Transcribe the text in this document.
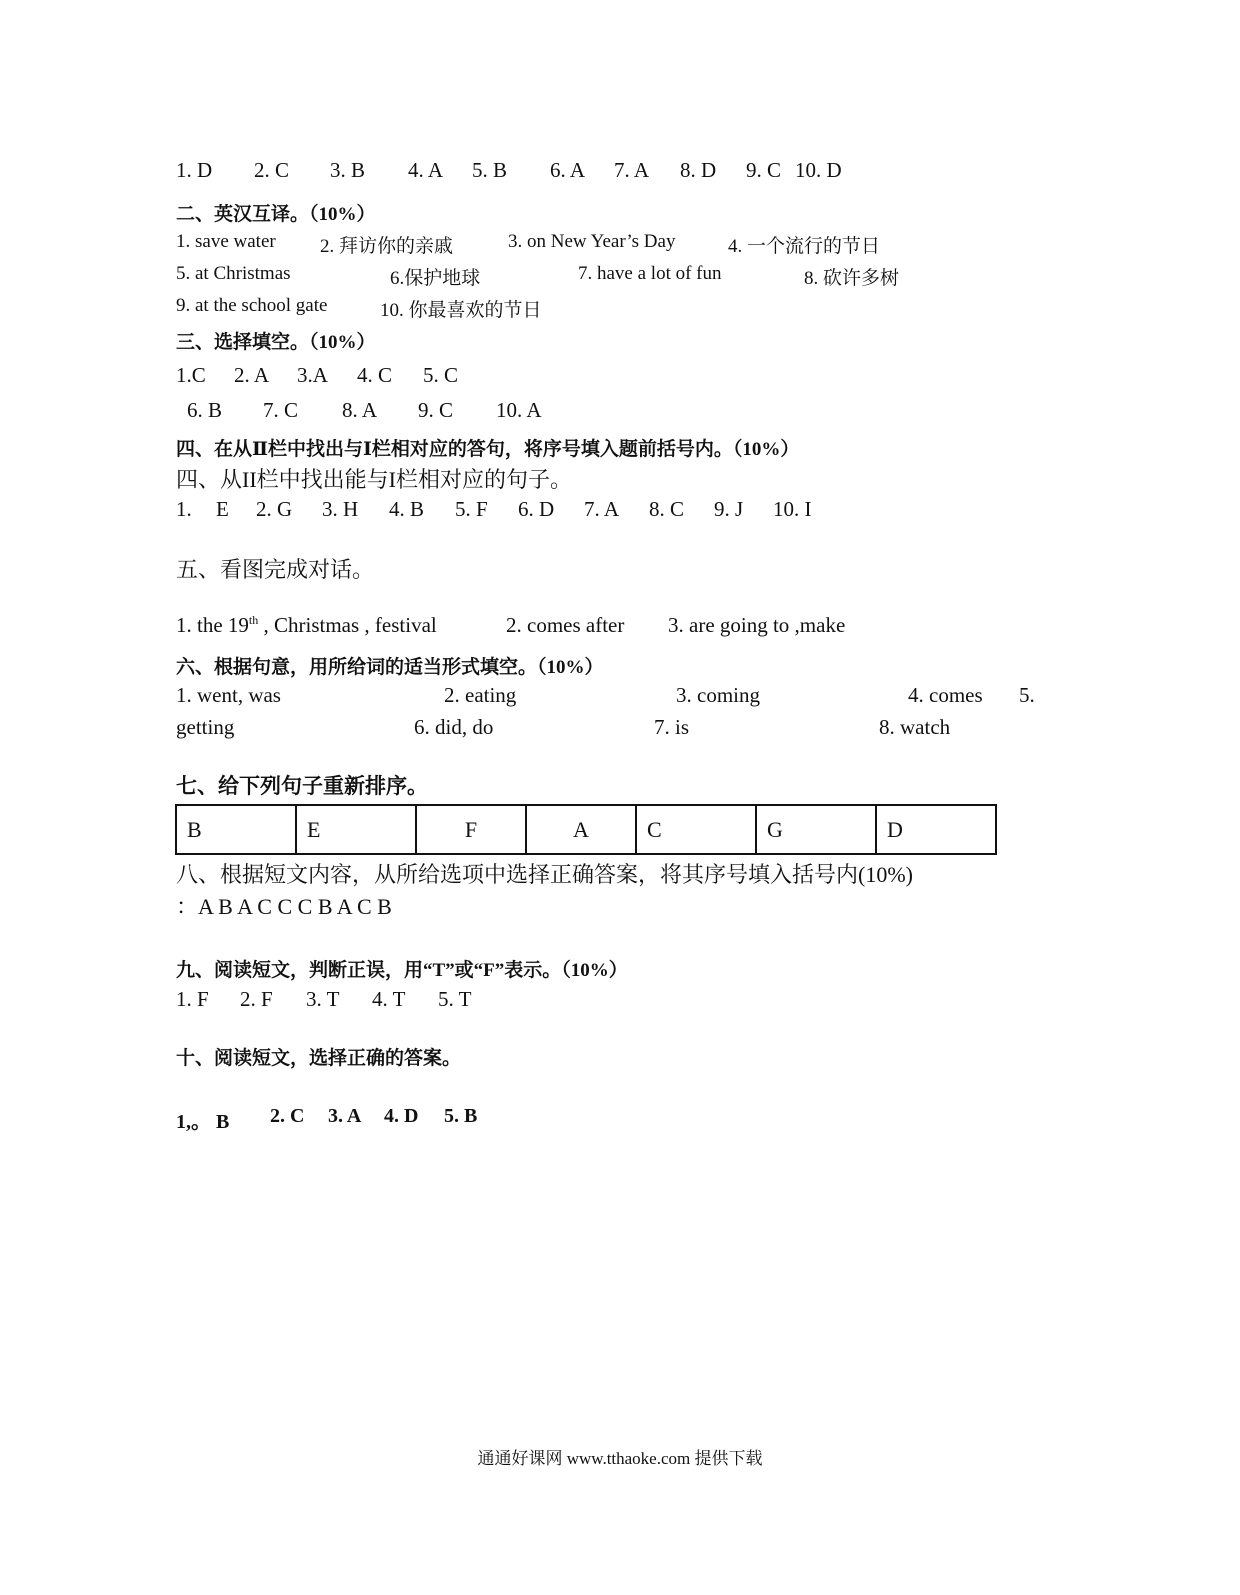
1. D 2. C 3. B 4. A 5. B 6. A 7. A 8. D 9. C 10. D
二、英汉互译。（10%）
1. save water 2. 拜访你的亲戚	3. on New Year’s Day	4. 一个流行的节日
5. at Christmas	6.保护地球	7. have a lot of fun	8. 砍许多树
9. at the school gate	10. 你最喜欢的节日
三、选择填空。（10%）
1.C 2. A 3.A 4. C 5. C
6. B 7. C 8. A 9. C 10. A
四、在从Ⅱ栏中找出与Ⅰ栏相对应的答句，将序号填入题前括号内。（10%）
四、从II栏中找出能与I栏相对应的句子。
1. E 2. G 3. H 4. B 5. F 6. D 7. A 8. C 9. J 10. I
五、看图完成对话。
1. the 19th , Christmas , festival	2. comes after 3. are going to ,make
六、根据句意，用所给词的适当形式填空。（10%）
1. went, was	2. eating	3. coming	4. comes 5.
getting	6. did, do	7. is	8. watch
七、给下列句子重新排序。
B	E	F	A	C	G	D
八、根据短文内容，从所给选项中选择正确答案，将其序号填入括号内(10%)
：A B A C C C B A C B
九、阅读短文，判断正误，用“T”或“F”表示。（10%）
1. F 2. F 3. T 4. T 5. T
十、阅读短文，选择正确的答案。
1,。 B 2. C 3. A 4. D 5. B
通通好课网 www.tthaoke.com 提供下载
